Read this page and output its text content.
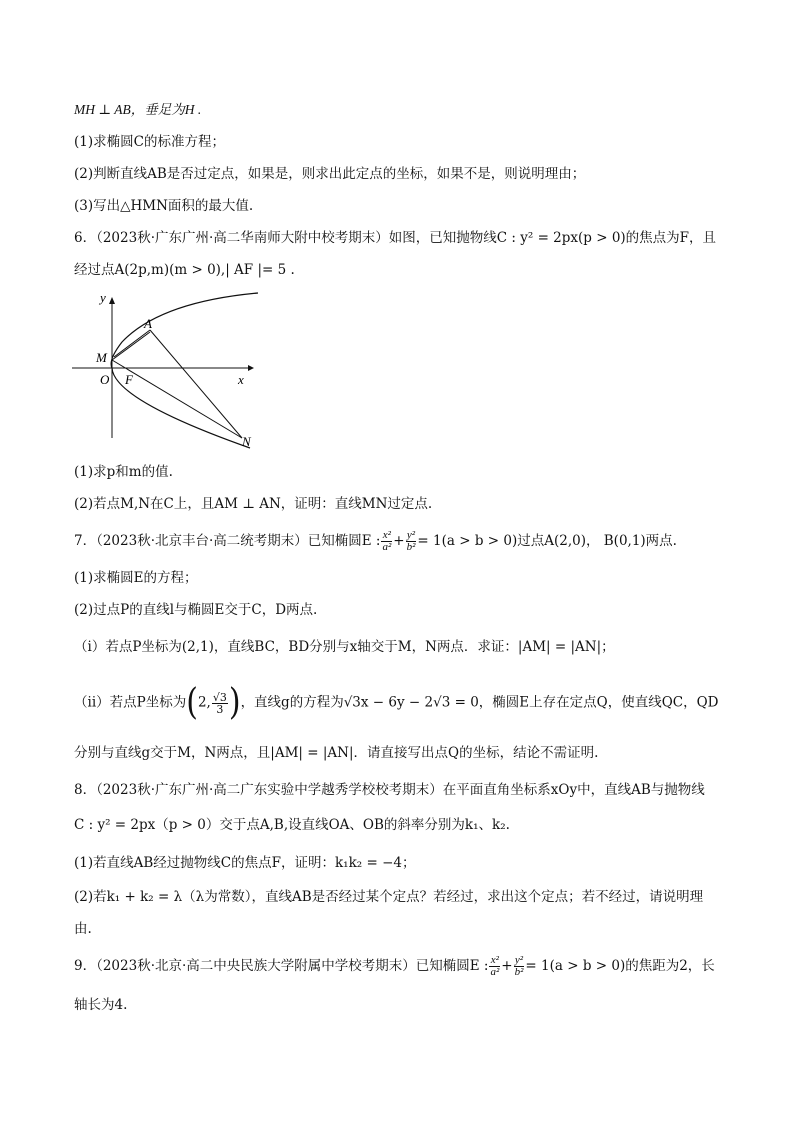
MH ⊥ AB，垂足为H .
(1)求椭圆C的标准方程；
(2)判断直线AB是否过定点，如果是，则求出此定点的坐标，如果不是，则说明理由；
(3)写出△HMN面积的最大值.
6．（2023秋·广东广州·高二华南师大附中校考期末）如图，已知抛物线C : y² = 2px(p > 0)的焦点为F，且
经过点A(2p,m)(m > 0),| AF |= 5 .
y
x
O F
M
A
N
(1)求p和m的值.
(2)若点M,N在C上，且AM ⊥ AN，证明：直线MN过定点.
7．（2023秋·北京丰台·高二统考期末）已知椭圆E : $\frac{\text{x²}}{\text{a²}} + \frac{\text{y²}}{\text{b²}} = 1(a > b > 0)$过点A(2,0)， B(0,1)两点.
(1)求椭圆E的方程；
(2)过点P的直线l与椭圆E交于C，D两点.
（i）若点P坐标为(2,1)，直线BC，BD分别与x轴交于M，N两点．求证：|AM| = |AN|；
（ii）若点P坐标为(2, $\frac{√3}{3}$ )，直线g的方程为√3x − 6y − 2√3 = 0，椭圆E上存在定点Q，使直线QC，QD
分别与直线g交于M，N两点，且|AM| = |AN|．请直接写出点Q的坐标，结论不需证明.
8．（2023秋·广东广州·高二广东实验中学越秀学校校考期末）在平面直角坐标系xOy中，直线AB与抛物线
C : y² = 2px（p > 0）交于点A,B,设直线OA、OB的斜率分别为k₁、k₂.
(1)若直线AB经过抛物线C的焦点F，证明：k₁k₂ = −4；
(2)若k₁ + k₂ = λ（λ为常数），直线AB是否经过某个定点？若经过，求出这个定点；若不经过，请说明理
由.
9．（2023秋·北京·高二中央民族大学附属中学校考期末）已知椭圆E : $\frac{\text{x²}}{\text{a²}} + \frac{\text{y²}}{\text{b²}} = 1(a > b > 0)$的焦距为2，长
轴长为4.
